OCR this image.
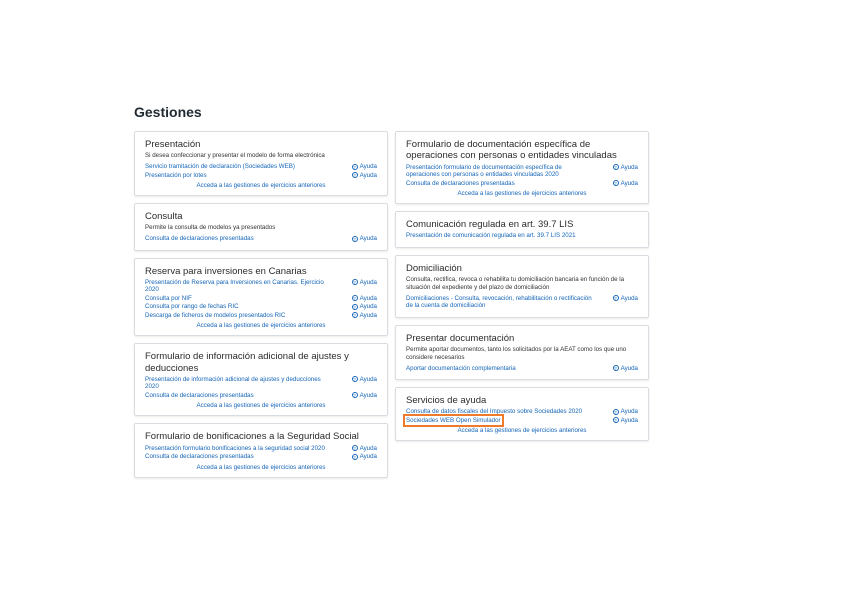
Gestiones
Presentación

Si desea confeccionar y presentar el modelo de forma electrónica

Servicio tramitación de declaración (Sociedades WEB)	? Ayuda
Presentación por lotes	? Ayuda
Acceda a las gestiones de ejercicios anteriores
Consulta

Permite la consulta de modelos ya presentados

Consulta de declaraciones presentadas	? Ayuda
Reserva para inversiones en Canarias
Presentación de Reserva para Inversiones en Canarias. Ejercicio 2020
? Ayuda
Consulta por NIF	? Ayuda
Consulta por rango de fechas RIC	? Ayuda
Descarga de ficheros de modelos presentados RIC	? Ayuda
Acceda a las gestiones de ejercicios anteriores
Formulario de información adicional de ajustes y deducciones
Presentación de información adicional de ajustes y deducciones 2020
? Ayuda
Consulta de declaraciones presentadas	? Ayuda
Acceda a las gestiones de ejercicios anteriores
Formulario de bonificaciones a la Seguridad Social
Presentación formulario bonificaciones a la seguridad social 2020	? Ayuda
Consulta de declaraciones presentadas	? Ayuda
Acceda a las gestiones de ejercicios anteriores
Formulario de documentación específica de operaciones con personas o entidades vinculadas
Presentación formulario de documentación específica de operaciones con personas o entidades vinculadas 2020
? Ayuda
Consulta de declaraciones presentadas	? Ayuda
Acceda a las gestiones de ejercicios anteriores
Comunicación regulada en art. 39.7 LIS
Presentación de comunicación regulada en art. 39.7 LIS 2021
Domiciliación

Consulta, rectifica, revoca o rehabilita tu domiciliación bancaria en función de la situación del expediente y del plazo de domiciliación

Domiciliaciones - Consulta, revocación, rehabilitación o rectificación de la cuenta de domiciliación
? Ayuda
Presentar documentación

Permite aportar documentos, tanto los solicitados por la AEAT como los que uno considere necesarios

Aportar documentación complementaria	? Ayuda
Servicios de ayuda
Consulta de datos fiscales del Impuesto sobre Sociedades 2020	? Ayuda
Sociedades WEB Open Simulador	? Ayuda
Acceda a las gestiones de ejercicios anteriores
